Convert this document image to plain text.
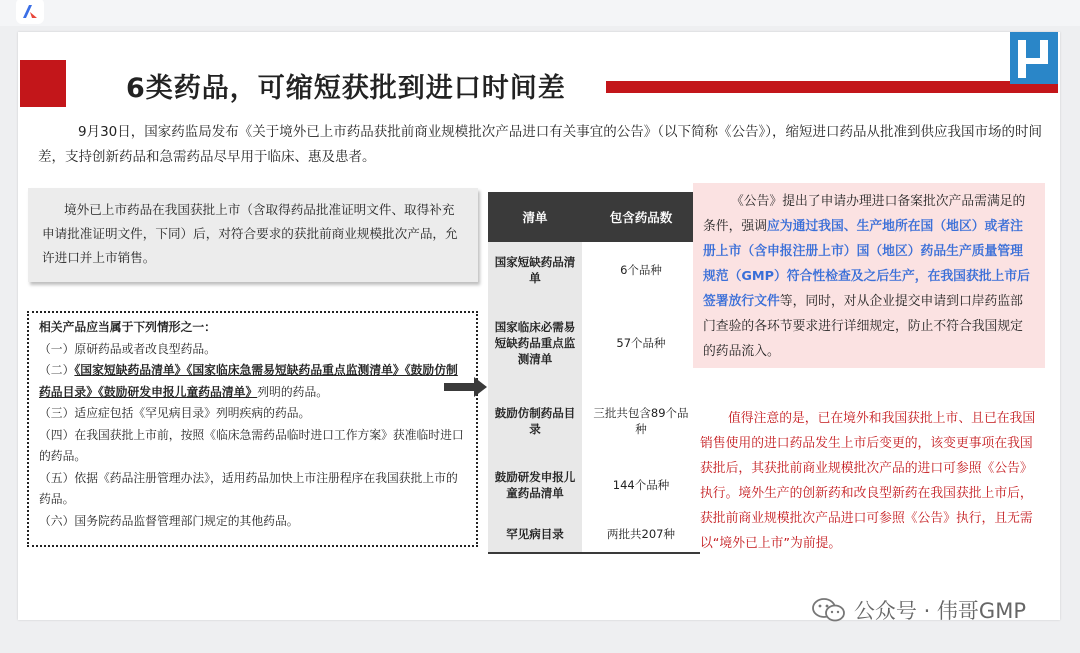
6类药品，可缩短获批到进口时间差
9月30日，国家药监局发布《关于境外已上市药品获批前商业规模批次产品进口有关事宜的公告》（以下简称《公告》），缩短进口药品从批准到供应我国市场的时间差，支持创新药品和急需药品尽早用于临床、惠及患者。
境外已上市药品在我国获批上市（含取得药品批准证明文件、取得补充申请批准证明文件，下同）后，对符合要求的获批前商业规模批次产品，允许进口并上市销售。
相关产品应当属于下列情形之一：
（一）原研药品或者改良型药品。
（二）《国家短缺药品清单》《国家临床急需易短缺药品重点监测清单》《鼓励仿制药品目录》《鼓励研发申报儿童药品清单》列明的药品。
（三）适应症包括《罕见病目录》列明疾病的药品。
（四）在我国获批上市前，按照《临床急需药品临时进口工作方案》获准临时进口的药品。
（五）依据《药品注册管理办法》，适用药品加快上市注册程序在我国获批上市的药品。
（六）国务院药品监督管理部门规定的其他药品。
清单	包含药品数
国家短缺药品清单
6个品种
国家临床必需易短缺药品重点监测清单
57个品种
鼓励仿制药品目录
三批共包含89个品种
鼓励研发申报儿童药品清单
144个品种
罕见病目录	两批共207种
《公告》提出了申请办理进口备案批次产品需满足的条件，强调应为通过我国、生产地所在国（地区）或者注册上市（含申报注册上市）国（地区）药品生产质量管理规范（GMP）符合性检查及之后生产，在我国获批上市后签署放行文件等，同时，对从企业提交申请到口岸药监部门查验的各环节要求进行详细规定，防止不符合我国规定的药品流入。
值得注意的是，已在境外和我国获批上市、且已在我国销售使用的进口药品发生上市后变更的，该变更事项在我国获批后，其获批前商业规模批次产品的进口可参照《公告》执行。境外生产的创新药和改良型新药在我国获批上市后，获批前商业规模批次产品进口可参照《公告》执行，且无需以“境外已上市”为前提。
公众号 · 伟哥GMP
